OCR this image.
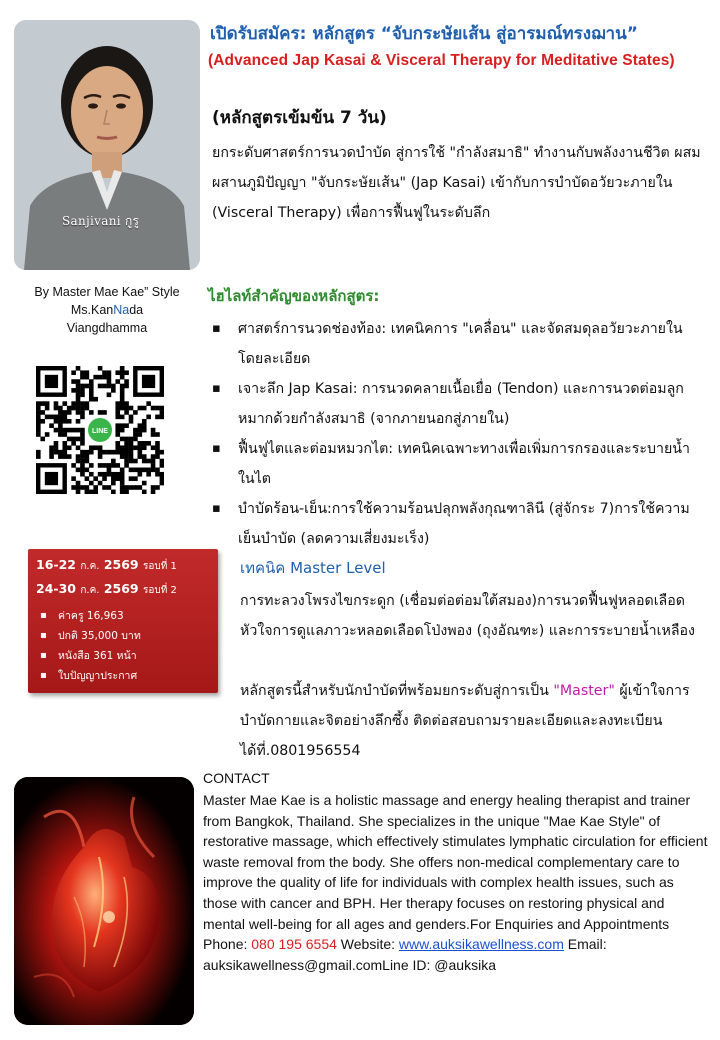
Sanjivani กูรู
By Master Mae Kae” Style
Ms.KanNada
Viangdhamma
LINE
16-22 ก.ค. 2569 รอบที่ 1
24-30 ก.ค. 2569 รอบที่ 2
▪ ค่าครู 16,963
▪ ปกติ 35,000 บาท
▪ หนังสือ 361 หน้า
▪ ใบปัญญาประกาศ
เปิดรับสมัคร: หลักสูตร “จับกระษัยเส้น สู่อารมณ์ทรงฌาน”
(Advanced Jap Kasai & Visceral Therapy for Meditative States)
(หลักสูตรเข้มข้น 7 วัน)
ยกระดับศาสตร์การนวดบำบัด สู่การใช้ "กำลังสมาธิ" ทำงานกับพลังงานชีวิต ผสมผสานภูมิปัญญา "จับกระษัยเส้น" (Jap Kasai) เข้ากับการบำบัดอวัยวะภายใน (Visceral Therapy) เพื่อการฟื้นฟูในระดับลึก
ไฮไลท์สำคัญของหลักสูตร:
▪ ศาสตร์การนวดช่องท้อง: เทคนิคการ "เคลื่อน" และจัดสมดุลอวัยวะภายในโดยละเอียด
▪ เจาะลึก Jap Kasai: การนวดคลายเนื้อเยื่อ (Tendon) และการนวดต่อมลูกหมากด้วยกำลังสมาธิ (จากภายนอกสู่ภายใน)
▪ ฟื้นฟูไตและต่อมหมวกไต: เทคนิคเฉพาะทางเพื่อเพิ่มการกรองและระบายน้ำในไต
▪ บำบัดร้อน-เย็น:การใช้ความร้อนปลุกพลังกุณฑาลินี (สู่จักระ 7)การใช้ความเย็นบำบัด (ลดความเสี่ยงมะเร็ง)
เทคนิค Master Level
การทะลวงโพรงไขกระดูก (เชื่อมต่อต่อมใต้สมอง)การนวดฟื้นฟูหลอดเลือดหัวใจการดูแลภาวะหลอดเลือดโป่งพอง (ถุงอัณฑะ) และการระบายน้ำเหลือง
หลักสูตรนี้สำหรับนักบำบัดที่พร้อมยกระดับสู่การเป็น "Master" ผู้เข้าใจการบำบัดกายและจิตอย่างลึกซึ้ง ติดต่อสอบถามรายละเอียดและลงทะเบียนได้ที่.0801956554
CONTACT
Master Mae Kae is a holistic massage and energy healing therapist and trainer from Bangkok, Thailand. She specializes in the unique "Mae Kae Style" of restorative massage, which effectively stimulates lymphatic circulation for efficient waste removal from the body. She offers non-medical complementary care to improve the quality of life for individuals with complex health issues, such as those with cancer and BPH. Her therapy focuses on restoring physical and mental well-being for all ages and genders.For Enquiries and Appointments Phone: 080 195 6554 Website: www.auksikawellness.com Email:
auksikawellness@gmail.comLine ID: @auksika
